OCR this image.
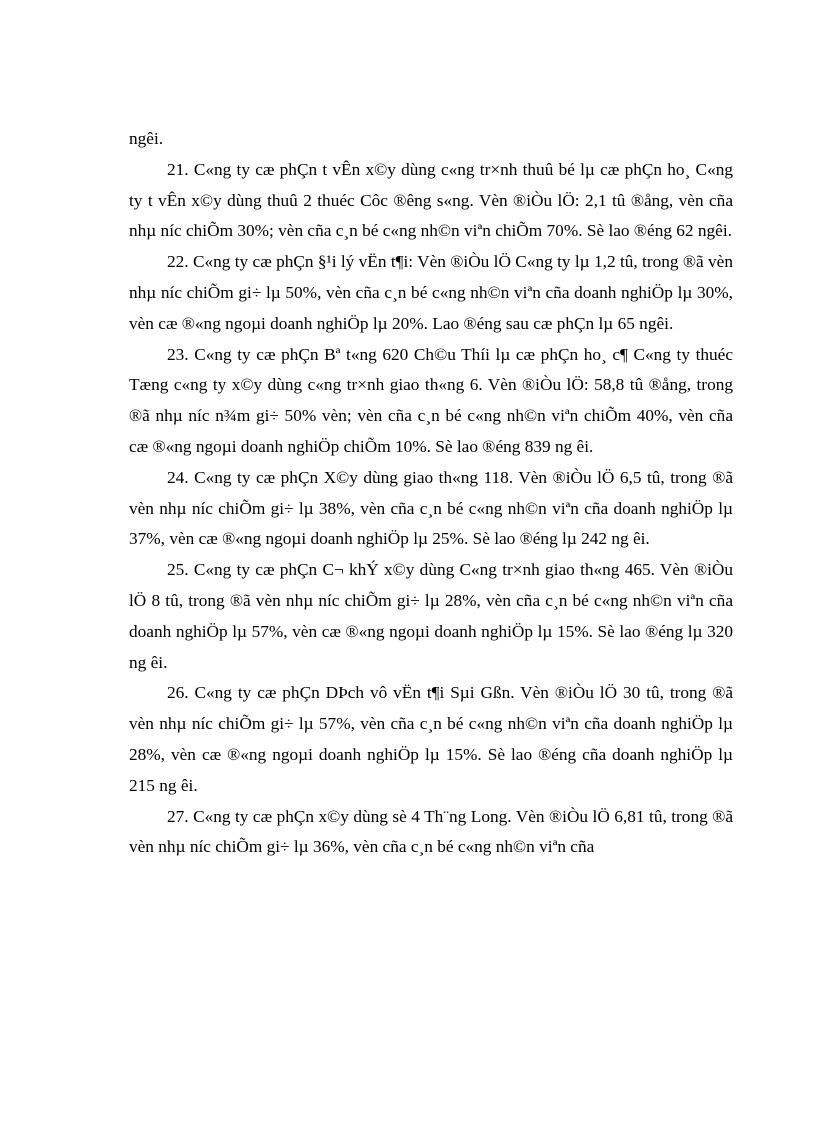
ngêi.

21. C«ng ty cæ phÇn t vÊn x©y dùng c«ng tr×nh thuû bé lµ cæ phÇn ho¸ C«ng ty t vÊn x©y dùng thuû 2 thuéc Côc ®êng s«ng. Vèn ®iÒu lÖ: 2,1 tû ®ång, vèn cña nhµ níc chiÕm 30%; vèn cña c¸n bé c«ng nh©n viªn chiÕm 70%. Sè lao ®éng 62 ngêi.

22. C«ng ty cæ phÇn §¹i lý vËn t¶i: Vèn ®iÒu lÖ C«ng ty lµ 1,2 tû, trong ®ã vèn nhµ níc chiÕm gi÷ lµ 50%, vèn cña c¸n bé c«ng nh©n viªn cña doanh nghiÖp lµ 30%, vèn cæ ®«ng ngoµi doanh nghiÖp lµ 20%. Lao ®éng sau cæ phÇn lµ 65 ngêi.

23. C«ng ty cæ phÇn Bª t«ng 620 Ch©u Thíi lµ cæ phÇn ho¸ c¶ C«ng ty thuéc Tæng c«ng ty x©y dùng c«ng tr×nh giao th«ng 6. Vèn ®iÒu lÖ: 58,8 tû ®ång, trong ®ã nhµ níc n¾m gi÷ 50% vèn; vèn cña c¸n bé c«ng nh©n viªn chiÕm 40%, vèn cña cæ ®«ng ngoµi doanh nghiÖp chiÕm 10%. Sè lao ®éng 839 ng êi.

24. C«ng ty cæ phÇn X©y dùng giao th«ng 118. Vèn ®iÒu lÖ 6,5 tû, trong ®ã vèn nhµ níc chiÕm gi÷ lµ 38%, vèn cña c¸n bé c«ng nh©n viªn cña doanh nghiÖp lµ 37%, vèn cæ ®«ng ngoµi doanh nghiÖp lµ 25%. Sè lao ®éng lµ 242 ng êi.

25. C«ng ty cæ phÇn C¬ khÝ x©y dùng C«ng tr×nh giao th«ng 465. Vèn ®iÒu lÖ 8 tû, trong ®ã vèn nhµ níc chiÕm gi÷ lµ 28%, vèn cña c¸n bé c«ng nh©n viªn cña doanh nghiÖp lµ 57%, vèn cæ ®«ng ngoµi doanh nghiÖp lµ 15%. Sè lao ®éng lµ 320 ng êi.

26. C«ng ty cæ phÇn DÞch vô vËn t¶i Sµi Gßn. Vèn ®iÒu lÖ 30 tû, trong ®ã vèn nhµ níc chiÕm gi÷ lµ 57%, vèn cña c¸n bé c«ng nh©n viªn cña doanh nghiÖp lµ 28%, vèn cæ ®«ng ngoµi doanh nghiÖp lµ 15%. Sè lao ®éng cña doanh nghiÖp lµ 215 ng êi.

27. C«ng ty cæ phÇn x©y dùng sè 4 Th¨ng Long. Vèn ®iÒu lÖ 6,81 tû, trong ®ã vèn nhµ níc chiÕm gi÷ lµ 36%, vèn cña c¸n bé c«ng nh©n viªn cña
